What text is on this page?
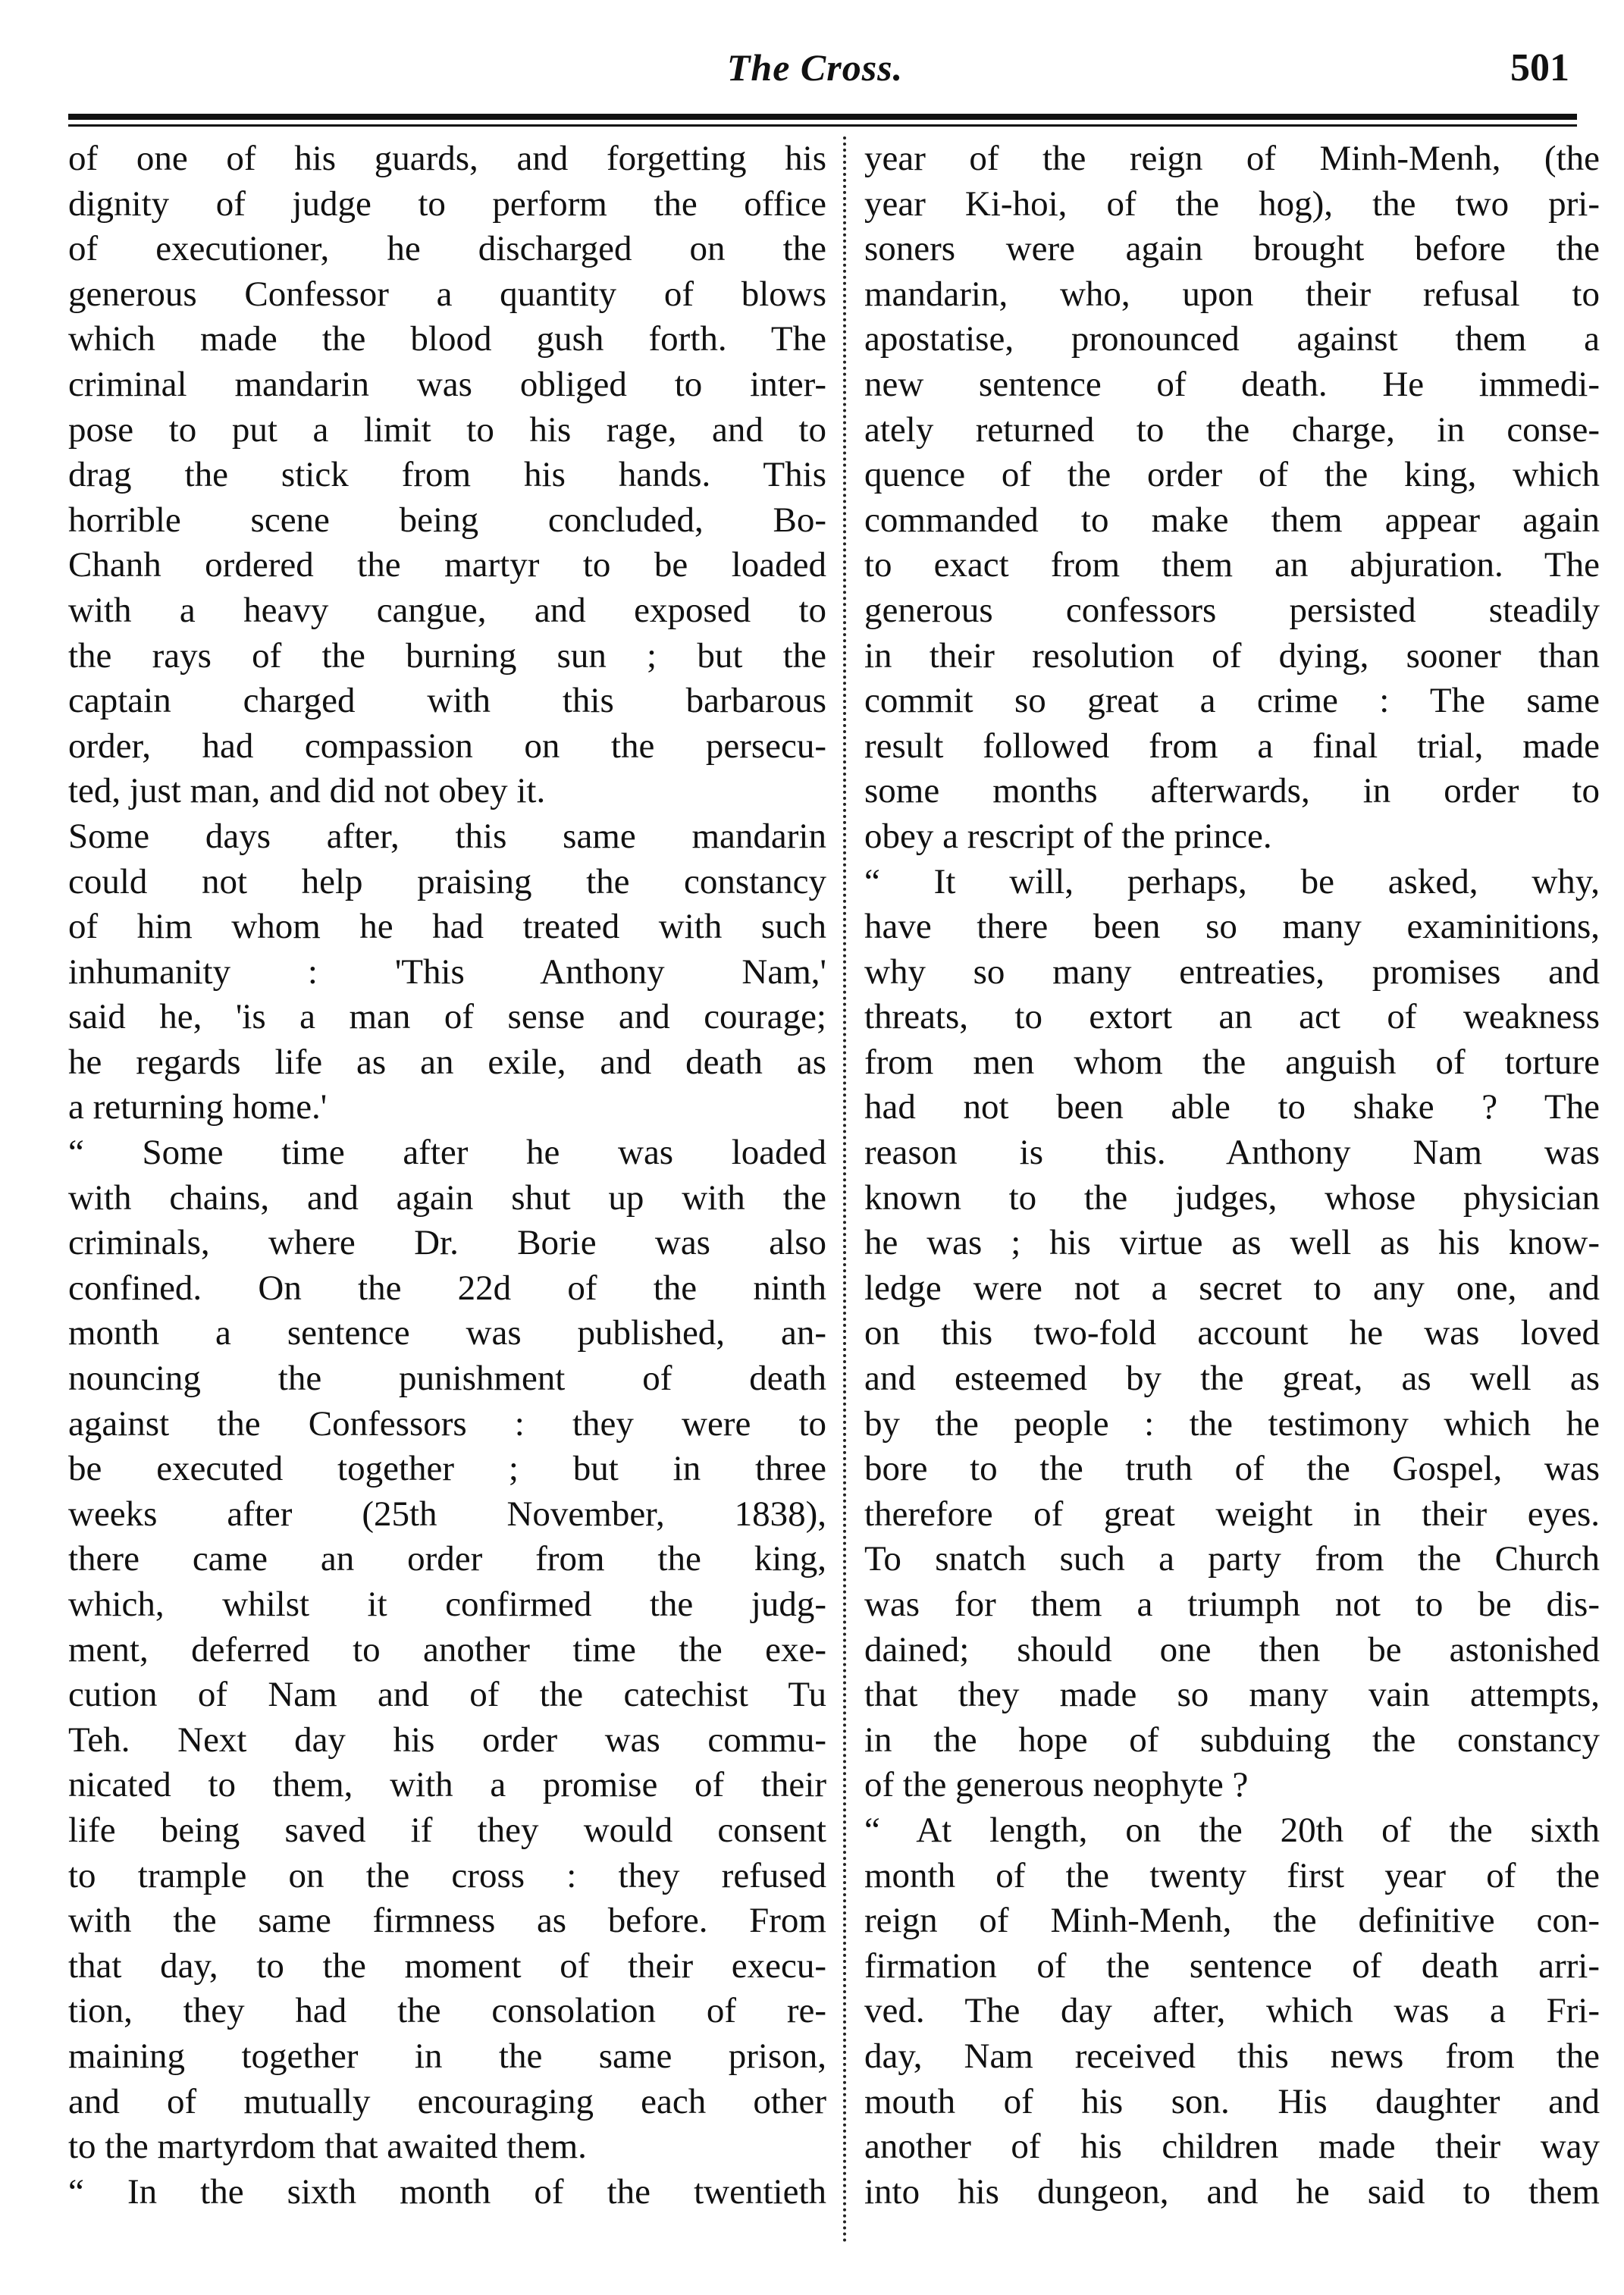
The Cross.	501
of one of his guards, and forgetting his
dignity of judge to perform the office
of executioner, he discharged on the
generous Confessor a quantity of blows
which made the blood gush forth. The
criminal mandarin was obliged to inter-
pose to put a limit to his rage, and to
drag the stick from his hands. This
horrible scene being concluded, Bo-
Chanh ordered the martyr to be loaded
with a heavy cangue, and exposed to
the rays of the burning sun ; but the
captain charged with this barbarous
order, had compassion on the persecu-
ted, just man, and did not obey it.
Some days after, this same mandarin
could not help praising the constancy
of him whom he had treated with such
inhumanity : 'This Anthony Nam,'
said he, 'is a man of sense and courage;
he regards life as an exile, and death as
a returning home.'
“ Some time after he was loaded
with chains, and again shut up with the
criminals, where Dr. Borie was also
confined. On the 22d of the ninth
month a sentence was published, an-
nouncing the punishment of death
against the Confessors : they were to
be executed together ; but in three
weeks after (25th November, 1838),
there came an order from the king,
which, whilst it confirmed the judg-
ment, deferred to another time the exe-
cution of Nam and of the catechist Tu
Teh. Next day his order was commu-
nicated to them, with a promise of their
life being saved if they would consent
to trample on the cross : they refused
with the same firmness as before. From
that day, to the moment of their execu-
tion, they had the consolation of re-
maining together in the same prison,
and of mutually encouraging each other
to the martyrdom that awaited them.
“ In the sixth month of the twentieth
year of the reign of Minh-Menh, (the
year Ki-hoi, of the hog), the two pri-
soners were again brought before the
mandarin, who, upon their refusal to
apostatise, pronounced against them a
new sentence of death. He immedi-
ately returned to the charge, in conse-
quence of the order of the king, which
commanded to make them appear again
to exact from them an abjuration. The
generous confessors persisted steadily
in their resolution of dying, sooner than
commit so great a crime : The same
result followed from a final trial, made
some months afterwards, in order to
obey a rescript of the prince.
“ It will, perhaps, be asked, why,
have there been so many examinitions,
why so many entreaties, promises and
threats, to extort an act of weakness
from men whom the anguish of torture
had not been able to shake ? The
reason is this. Anthony Nam was
known to the judges, whose physician
he was ; his virtue as well as his know-
ledge were not a secret to any one, and
on this two-fold account he was loved
and esteemed by the great, as well as
by the people : the testimony which he
bore to the truth of the Gospel, was
therefore of great weight in their eyes.
To snatch such a party from the Church
was for them a triumph not to be dis-
dained; should one then be astonished
that they made so many vain attempts,
in the hope of subduing the constancy
of the generous neophyte ?
“ At length, on the 20th of the sixth
month of the twenty first year of the
reign of Minh-Menh, the definitive con-
firmation of the sentence of death arri-
ved. The day after, which was a Fri-
day, Nam received this news from the
mouth of his son. His daughter and
another of his children made their way
into his dungeon, and he said to them
